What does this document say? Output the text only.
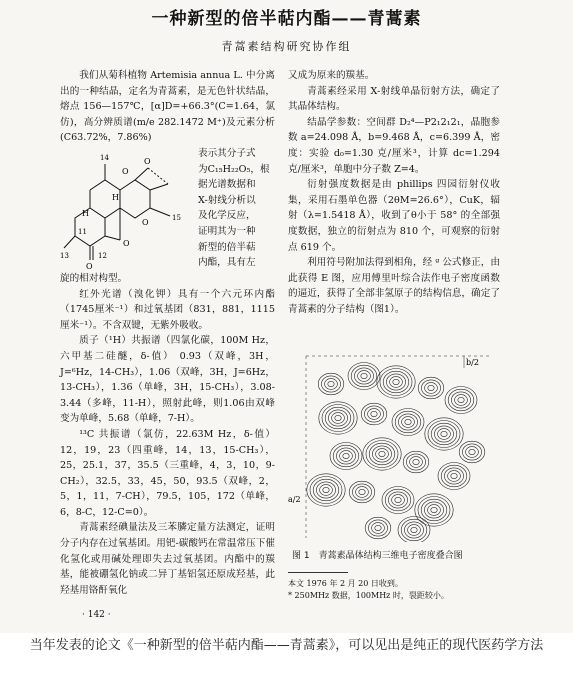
一种新型的倍半萜内酯——青蒿素
青蒿素结构研究协作组

我们从菊科植物 Artemisia annua L. 中分离出的一种结晶，定名为青蒿素，是无色针状结晶，熔点 156—157℃，[α]D=+66.3°(C=1.64，氯仿)，高分辨质谱(m/e 282.1472 M⁺)及元素分析(C63.72%，7.86%)

表示其分子式
为C₁₅H₂₂O₅，根
据光谱数据和
X-射线分析以
及化学反应，
证明其为一种
新型的倍半萜
内酯，具有左

旋的相对构型。

红外光谱（溴化钾）具有一个六元环内酯（1745厘米⁻¹）和过氧基团（831，881，1115 厘米⁻¹）。不含双键，无紫外吸收。

质子（¹H）共振谱（四氯化碳，100M Hz，六甲基二硅醚，δ-值） 0.93（双峰，3H，J=⁶Hz，14-CH₃），1.06（双峰，3H，J=6Hz，13-CH₃），1.36（单峰，3H，15-CH₃），3.08-3.44（多峰，11-H），照射此峰，则1.06由双峰变为单峰，5.68（单峰，7-H）。

¹³C 共振谱（氯仿，22.63M Hz，δ-值）12，19，23（四重峰，14，13，15-CH₃），25，25.1，37，35.5（三重峰，4，3，10，9-CH₂），32.5，33，45，50，93.5（双峰，2，5，1，11，7-CH），79.5，105，172（单峰，6，8-C，12-C=0）。

青蒿素经碘量法及三苯膦定量方法测定，证明分子内存在过氧基团。用钯-碳酸钙在常温常压下催化氢化或用碱处理即失去过氧基团。内酯中的羰基，能被硼氢化钠或二异丁基铝氢还原成羟基，此羟基用铬酐氧化

O
O
O
O
O
H
H
14
13
15
12
11

又成为原来的羰基。

青蒿素经采用 X-射线单晶衍射方法，确定了其晶体结构。

结晶学参数：空间群 D₂⁴—P2₁2₁2₁，晶胞参数 a=24.098 Å，b=9.468 Å，c=6.399 Å，密度：实验 d₀=1.30 克/厘米³，计算 dc=1.294 克/厘米³，单胞中分子数 Z=4。

衍射强度数据是由 phillips 四园衍射仪收集，采用石墨单色器（2θM=26.6°），CuK，辐射（λ=1.5418 Å），收到了θ小于 58° 的全部强度数据，独立的衍射点为 810 个，可观察的衍射点 619 个。

利用符号附加法得到相角，经 ᵍ 公式修正，由此获得 E 图，应用傅里叶综合法作电子密度函数的逼近，获得了全部非氢原子的结构信息，确定了青蒿素的分子结构（图1）。

b/2
a/2
图 1　青蒿素晶体结构三维电子密度叠合图
本文 1976 年 2 月 20 日收到。
* 250MHz 数据，100MHz 时，裂距较小。
· 142 ·
当年发表的论文《一种新型的倍半萜内酯——青蒿素》，可以见出是纯正的现代医药学方法
